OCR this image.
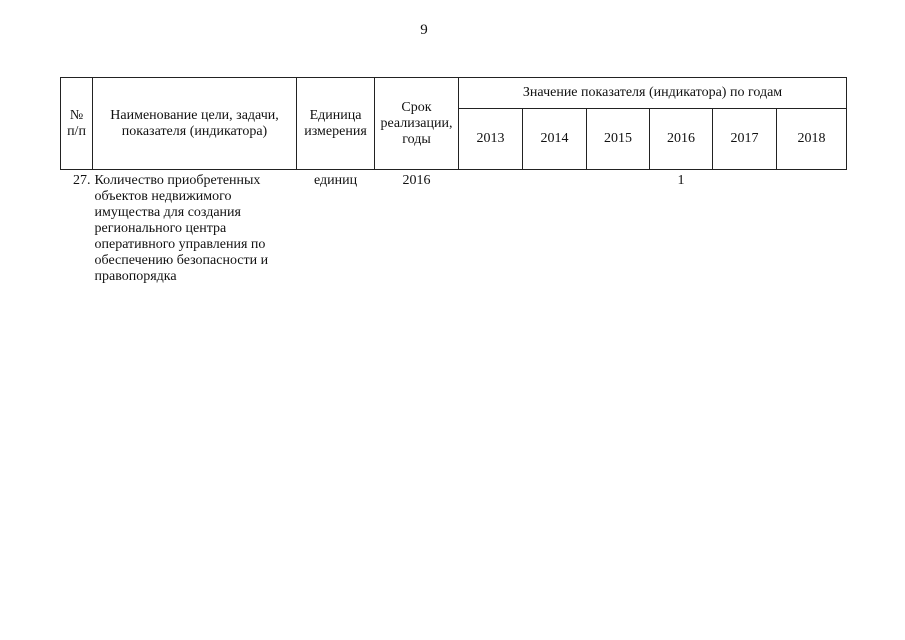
9
№ п/п	Наименование цели, задачи, показателя (индикатора)	Единица измерения	Срок реализации, годы	Значение показателя (индикатора) по годам					
				2013	2014	2015	2016	2017	2018
27.	Количество приобретенных объектов недвижимого имущества для создания регионального центра оперативного управления по обеспечению безопасности и правопорядка	единиц	2016				1		
